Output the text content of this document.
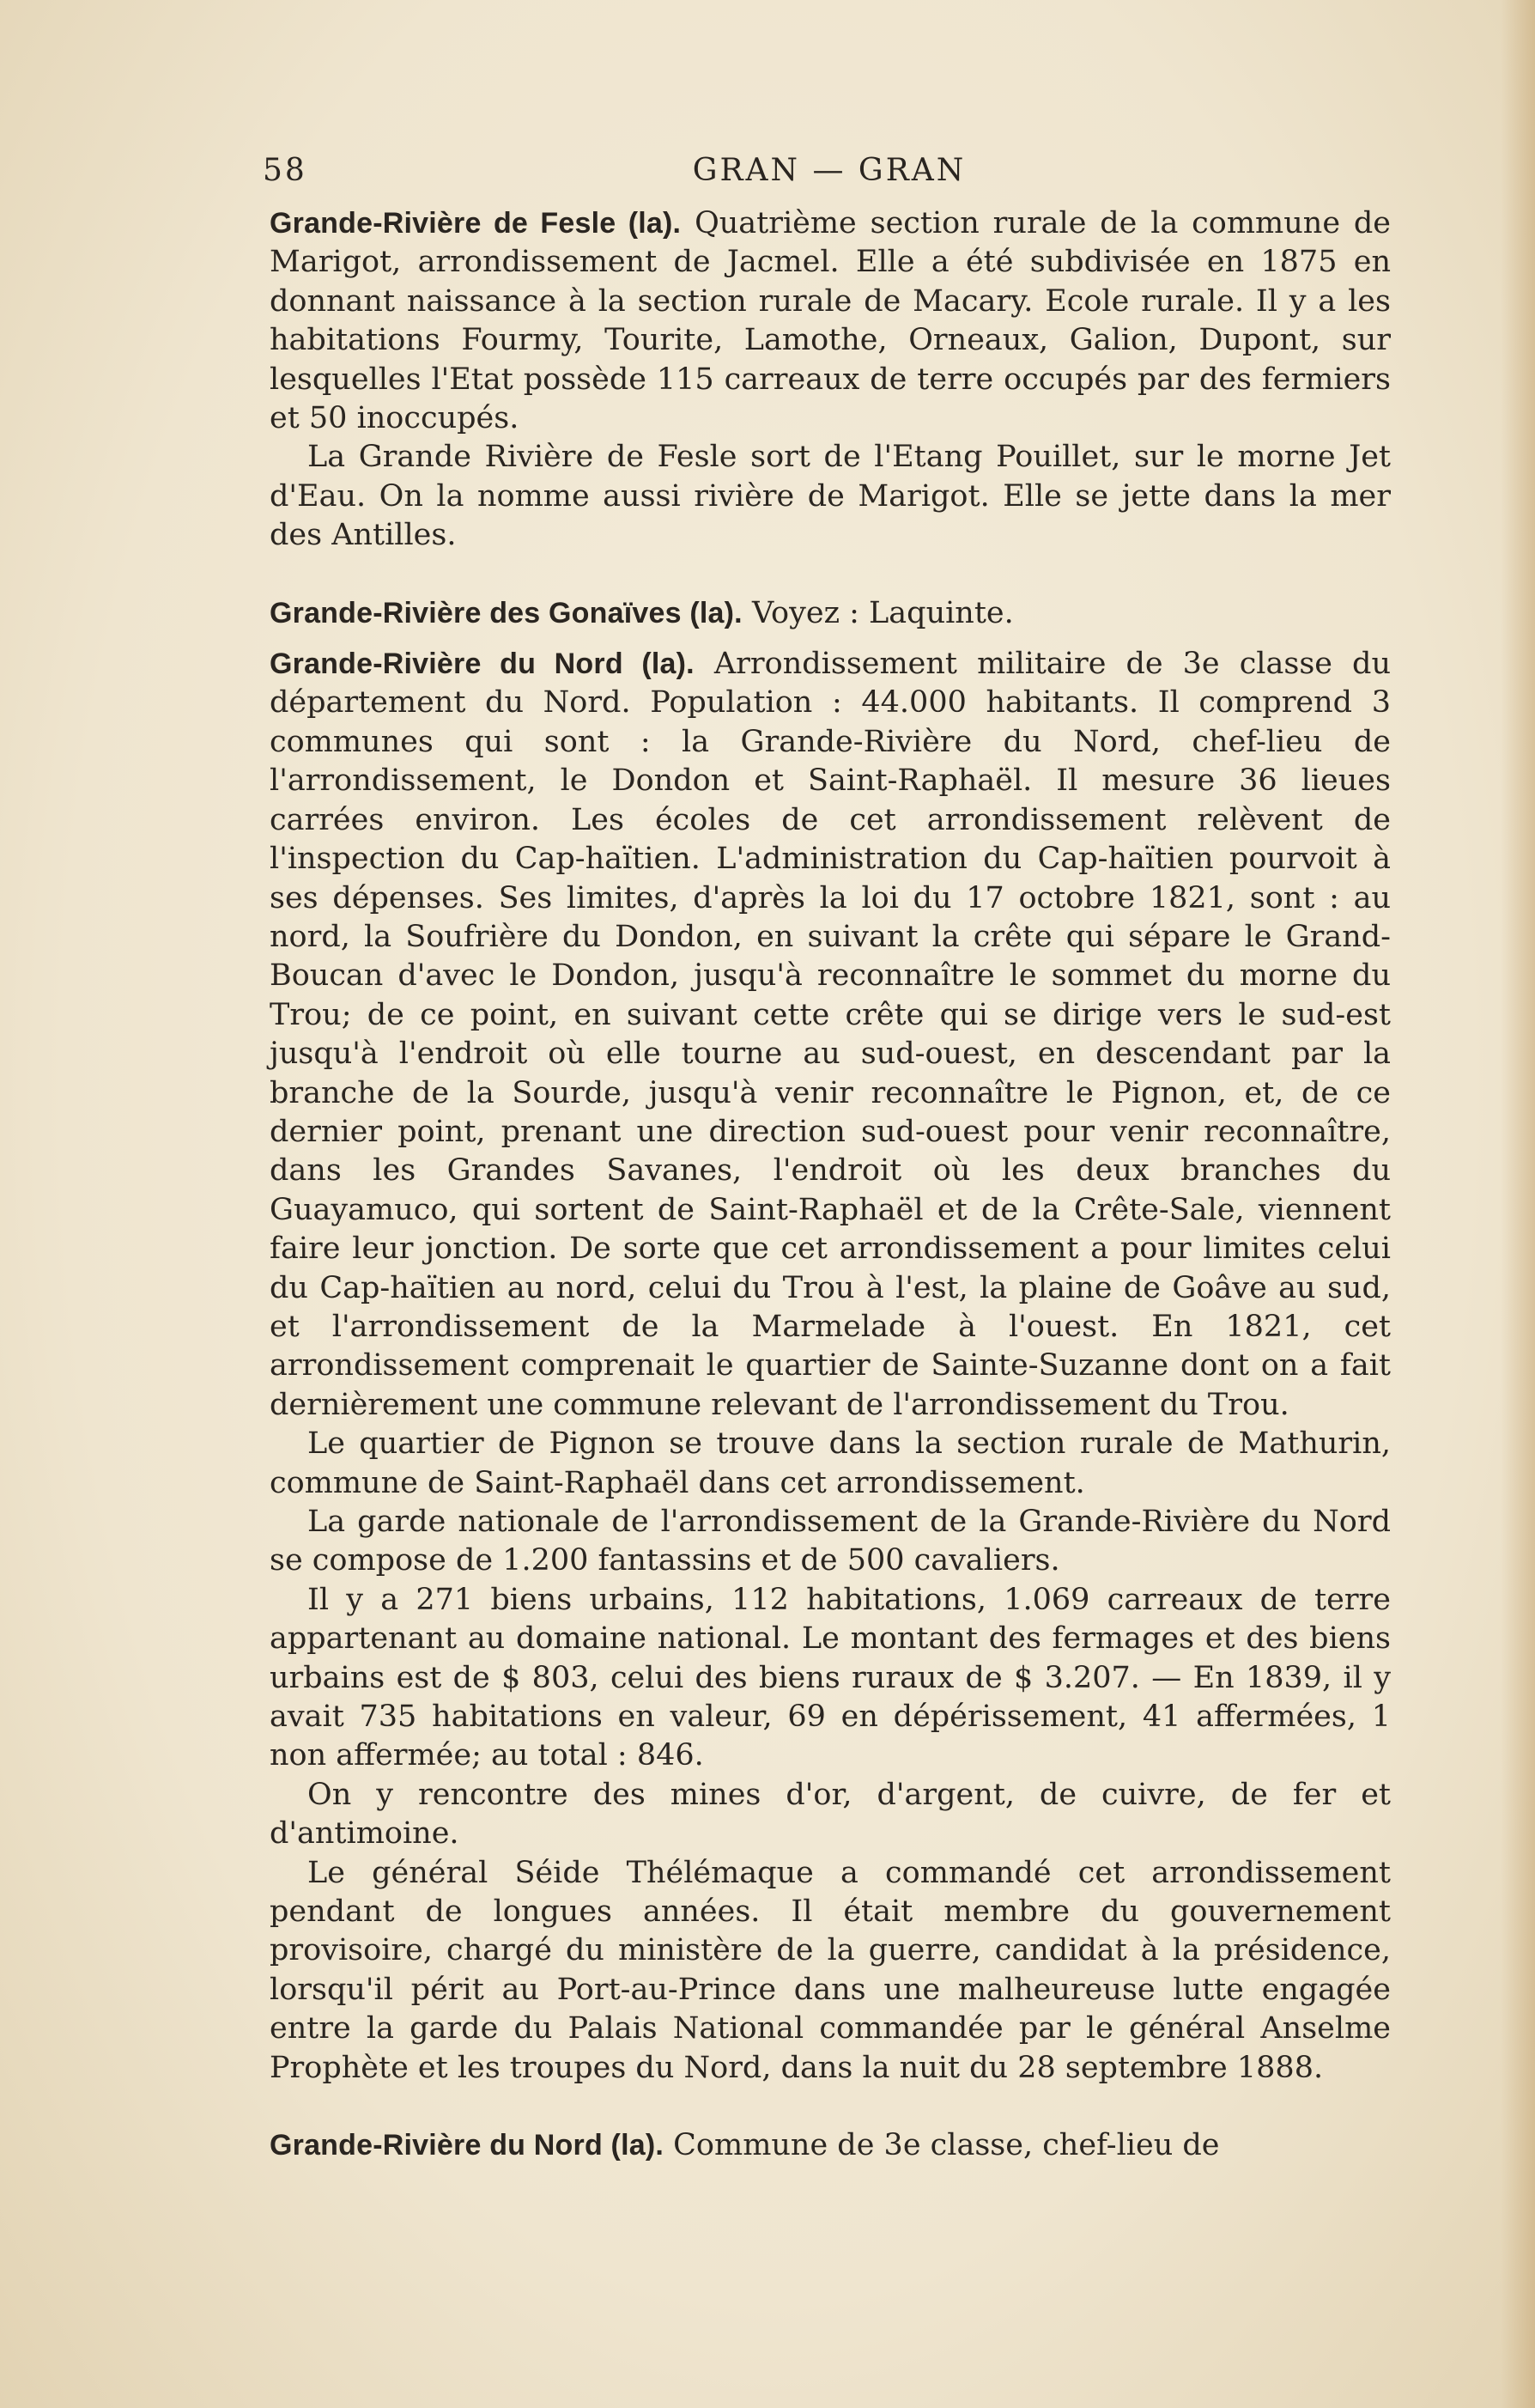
58	GRAN — GRAN

Grande-Rivière de Fesle (la). Quatrième section rurale de la commune de Marigot, arrondissement de Jacmel. Elle a été subdivisée en 1875 en donnant naissance à la section rurale de Macary. Ecole rurale. Il y a les habitations Fourmy, Tourite, Lamothe, Orneaux, Galion, Dupont, sur lesquelles l'Etat possède 115 carreaux de terre occupés par des fermiers et 50 inoccupés.

La Grande Rivière de Fesle sort de l'Etang Pouillet, sur le morne Jet d'Eau. On la nomme aussi rivière de Marigot. Elle se jette dans la mer des Antilles.

Grande-Rivière des Gonaïves (la). Voyez : Laquinte.

Grande-Rivière du Nord (la). Arrondissement militaire de 3e classe du département du Nord. Population : 44.000 habitants. Il comprend 3 communes qui sont : la Grande-Rivière du Nord, chef-lieu de l'arrondissement, le Dondon et Saint-Raphaël. Il mesure 36 lieues carrées environ. Les écoles de cet arrondissement relèvent de l'inspection du Cap-haïtien. L'administration du Cap-haïtien pourvoit à ses dépenses. Ses limites, d'après la loi du 17 octobre 1821, sont : au nord, la Soufrière du Dondon, en suivant la crête qui sépare le Grand-Boucan d'avec le Dondon, jusqu'à reconnaître le sommet du morne du Trou; de ce point, en suivant cette crête qui se dirige vers le sud-est jusqu'à l'endroit où elle tourne au sud-ouest, en descendant par la branche de la Sourde, jusqu'à venir reconnaître le Pignon, et, de ce dernier point, prenant une direction sud-ouest pour venir reconnaître, dans les Grandes Savanes, l'endroit où les deux branches du Guayamuco, qui sortent de Saint-Raphaël et de la Crête-Sale, viennent faire leur jonction. De sorte que cet arrondissement a pour limites celui du Cap-haïtien au nord, celui du Trou à l'est, la plaine de Goâve au sud, et l'arrondissement de la Marmelade à l'ouest. En 1821, cet arrondissement comprenait le quartier de Sainte-Suzanne dont on a fait dernièrement une commune relevant de l'arrondissement du Trou.

Le quartier de Pignon se trouve dans la section rurale de Mathurin, commune de Saint-Raphaël dans cet arrondissement.

La garde nationale de l'arrondissement de la Grande-Rivière du Nord se compose de 1.200 fantassins et de 500 cavaliers.

Il y a 271 biens urbains, 112 habitations, 1.069 carreaux de terre appartenant au domaine national. Le montant des fermages et des biens urbains est de $ 803, celui des biens ruraux de $ 3.207. — En 1839, il y avait 735 habitations en valeur, 69 en dépérissement, 41 affermées, 1 non affermée; au total : 846.

On y rencontre des mines d'or, d'argent, de cuivre, de fer et d'antimoine.

Le général Séide Thélémaque a commandé cet arrondissement pendant de longues années. Il était membre du gouvernement provisoire, chargé du ministère de la guerre, candidat à la présidence, lorsqu'il périt au Port-au-Prince dans une malheureuse lutte engagée entre la garde du Palais National commandée par le général Anselme Prophète et les troupes du Nord, dans la nuit du 28 septembre 1888.

Grande-Rivière du Nord (la). Commune de 3e classe, chef-lieu de
